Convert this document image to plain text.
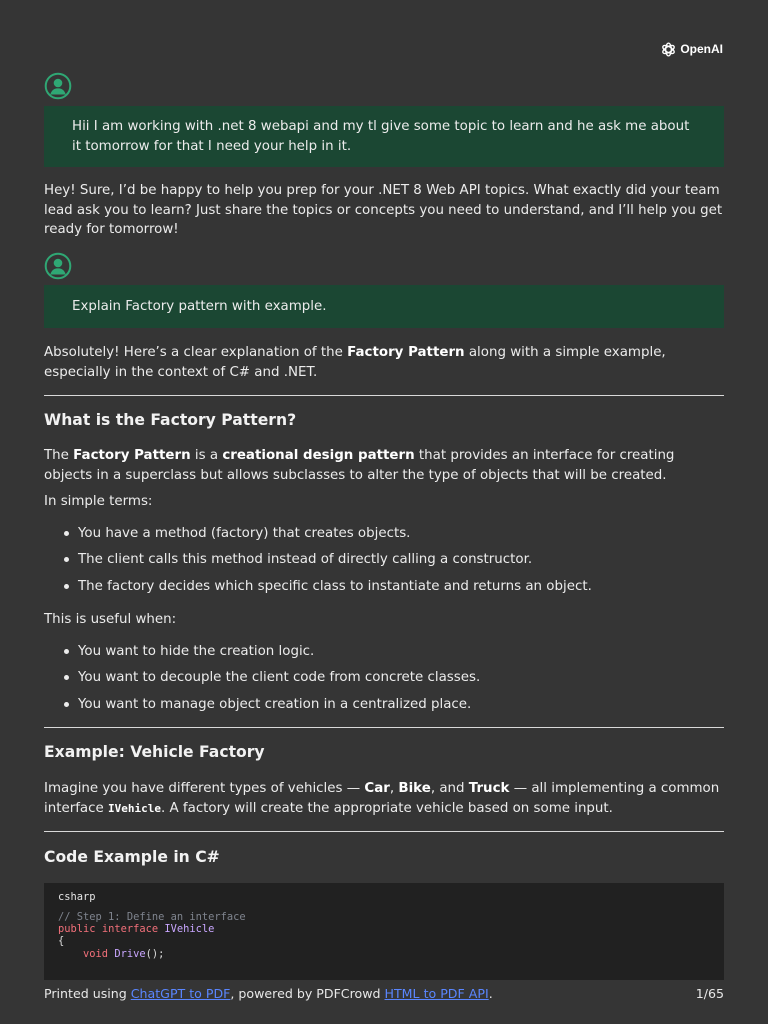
OpenAI
Hii I am working with .net 8 webapi and my tl give some topic to learn and he ask me about it tomorrow for that I need your help in it.

Hey! Sure, I’d be happy to help you prep for your .NET 8 Web API topics. What exactly did your team lead ask you to learn? Just share the topics or concepts you need to understand, and I’ll help you get ready for tomorrow!

Explain Factory pattern with example.

Absolutely! Here’s a clear explanation of the Factory Pattern along with a simple example, especially in the context of C# and .NET.

What is the Factory Pattern?

The Factory Pattern is a creational design pattern that provides an interface for creating objects in a superclass but allows subclasses to alter the type of objects that will be created.

In simple terms:

You have a method (factory) that creates objects.
The client calls this method instead of directly calling a constructor.
The factory decides which specific class to instantiate and returns an object.

This is useful when:

You want to hide the creation logic.
You want to decouple the client code from concrete classes.
You want to manage object creation in a centralized place.
Example: Vehicle Factory

Imagine you have different types of vehicles — Car, Bike, and Truck — all implementing a common interface IVehicle. A factory will create the appropriate vehicle based on some input.

Code Example in C#
csharp
// Step 1: Define an interface
public interface IVehicle
{
void Drive();
Printed using ChatGPT to PDF, powered by PDFCrowd HTML to PDF API.	1/65
